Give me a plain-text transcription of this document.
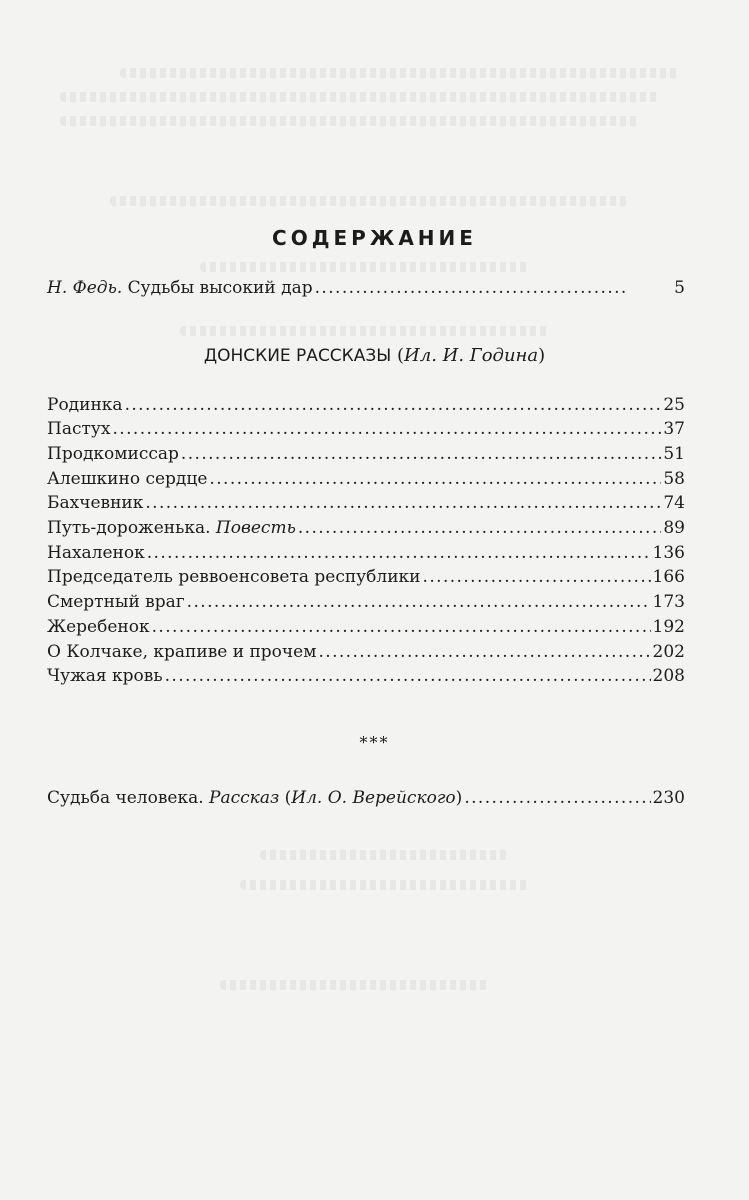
СОДЕРЖАНИЕ
Н. Федь. Судьбы высокий дар . . .	5
ДОНСКИЕ РАССКАЗЫ (Ил. И. Година)
Родинка . . .	25
Пастух . . .	37
Продкомиссар . . .	51
Алешкино сердце . . .	58
Бахчевник . . .	74
Путь-дороженька. Повесть . . .	89
Нахаленок . . .	136
Председатель реввоенсовета республики . . .	166
Смертный враг . . .	173
Жеребенок . . .	192
О Колчаке, крапиве и прочем . . .	202
Чужая кровь . . .	208
***
Судьба человека. Рассказ (Ил. О. Верейского) . . .	230
